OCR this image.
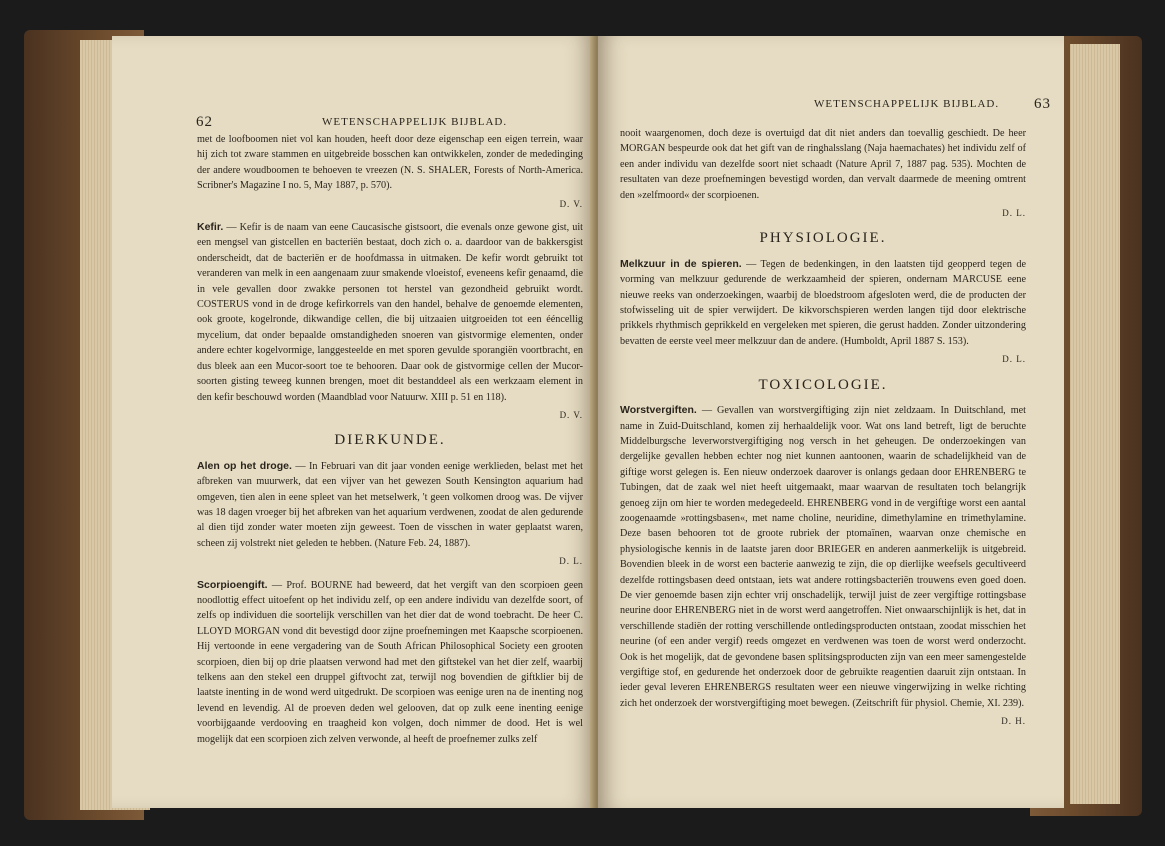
62	WETENSCHAPPELIJK BIJBLAD.

met de loofboomen niet vol kan houden, heeft door deze eigenschap een eigen terrein, waar hij zich tot zware stammen en uitgebreide bosschen kan ontwikkelen, zonder de mededinging der andere woudboomen te behoeven te vreezen (N. S. SHALER, Forests of North-America. Scribner's Magazine I no. 5, May 1887, p. 570).

D. V.

Kefir. — Kefir is de naam van eene Caucasische gistsoort, die evenals onze gewone gist, uit een mengsel van gistcellen en bacteriën bestaat, doch zich o. a. daardoor van de bakkersgist onderscheidt, dat de bacteriën er de hoofdmassa in uitmaken. De kefir wordt gebruikt tot veranderen van melk in een aangenaam zuur smakende vloeistof, eveneens kefir genaamd, die in vele gevallen door zwakke personen tot herstel van gezondheid gebruikt wordt. COSTERUS vond in de droge kefirkorrels van den handel, behalve de genoemde elementen, ook groote, kogelronde, dikwandige cellen, die bij uitzaaien uitgroeiden tot een ééncellig mycelium, dat onder bepaalde omstandigheden snoeren van gistvormige elementen, onder andere echter kogelvormige, langgesteelde en met sporen gevulde sporangiën voortbracht, en dus bleek aan een Mucor-soort toe te behooren. Daar ook de gistvormige cellen der Mucor-soorten gisting teweeg kunnen brengen, moet dit bestanddeel als een werkzaam element in den kefir beschouwd worden (Maandblad voor Natuurw. XIII p. 51 en 118).

D. V.
DIERKUNDE.

Alen op het droge. — In Februari van dit jaar vonden eenige werklieden, belast met het afbreken van muurwerk, dat een vijver van het gewezen South Kensington aquarium had omgeven, tien alen in eene spleet van het metselwerk, 't geen volkomen droog was. De vijver was 18 dagen vroeger bij het afbreken van het aquarium verdwenen, zoodat de alen gedurende al dien tijd zonder water moeten zijn geweest. Toen de visschen in water geplaatst waren, scheen zij volstrekt niet geleden te hebben. (Nature Feb. 24, 1887).

D. L.

Scorpioengift. — Prof. BOURNE had beweerd, dat het vergift van den scorpioen geen noodlottig effect uitoefent op het individu zelf, op een andere individu van dezelfde soort, of zelfs op individuen die soortelijk verschillen van het dier dat de wond toebracht. De heer C. LLOYD MORGAN vond dit bevestigd door zijne proefnemingen met Kaapsche scorpioenen. Hij vertoonde in eene vergadering van de South African Philosophical Society een grooten scorpioen, dien bij op drie plaatsen verwond had met den giftstekel van het dier zelf, waarbij telkens aan den stekel een druppel giftvocht zat, terwijl nog bovendien de giftklier bij de laatste inenting in de wond werd uitgedrukt. De scorpioen was eenige uren na de inenting nog levend en levendig. Al de proeven deden wel gelooven, dat op zulk eene inenting eenige voorbijgaande verdooving en traagheid kon volgen, doch nimmer de dood. Het is wel mogelijk dat een scorpioen zich zelven verwonde, al heeft de proefnemer zulks zelf

WETENSCHAPPELIJK BIJBLAD. 63

nooit waargenomen, doch deze is overtuigd dat dit niet anders dan toevallig geschiedt. De heer MORGAN bespeurde ook dat het gift van de ringhalsslang (Naja haemachates) het individu zelf of een ander individu van dezelfde soort niet schaadt (Nature April 7, 1887 pag. 535). Mochten de resultaten van deze proefnemingen bevestigd worden, dan vervalt daarmede de meening omtrent den »zelfmoord« der scorpioenen.

D. L.
PHYSIOLOGIE.

Melkzuur in de spieren. — Tegen de bedenkingen, in den laatsten tijd geopperd tegen de vorming van melkzuur gedurende de werkzaamheid der spieren, ondernam MARCUSE eene nieuwe reeks van onderzoekingen, waarbij de bloedstroom afgesloten werd, die de producten der stofwisseling uit de spier verwijdert. De kikvorschspieren werden langen tijd door elektrische prikkels rhythmisch geprikkeld en vergeleken met spieren, die gerust hadden. Zonder uitzondering bevatten de eerste veel meer melkzuur dan de andere. (Humboldt, April 1887 S. 153).

D. L.
TOXICOLOGIE.

Worstvergiften. — Gevallen van worstvergiftiging zijn niet zeldzaam. In Duitschland, met name in Zuid-Duitschland, komen zij herhaaldelijk voor. Wat ons land betreft, ligt de beruchte Middelburgsche leverworstvergiftiging nog versch in het geheugen. De onderzoekingen van dergelijke gevallen hebben echter nog niet kunnen aantoonen, waarin de schadelijkheid van de giftige worst gelegen is. Een nieuw onderzoek daarover is onlangs gedaan door EHRENBERG te Tubingen, dat de zaak wel niet heeft uitgemaakt, maar waarvan de resultaten toch belangrijk genoeg zijn om hier te worden medegedeeld. EHRENBERG vond in de vergiftige worst een aantal zoogenaamde »rottingsbasen«, met name choline, neuridine, dimethylamine en trimethylamine. Deze basen behooren tot de groote rubriek der ptomaïnen, waarvan onze chemische en physiologische kennis in de laatste jaren door BRIEGER en anderen aanmerkelijk is uitgebreid. Bovendien bleek in de worst een bacterie aanwezig te zijn, die op dierlijke weefsels gecultiveerd dezelfde rottingsbasen deed ontstaan, iets wat andere rottingsbacteriën trouwens even goed doen. De vier genoemde basen zijn echter vrij onschadelijk, terwijl juist de zeer vergiftige rottingsbase neurine door EHRENBERG niet in de worst werd aangetroffen. Niet onwaarschijnlijk is het, dat in verschillende stadiën der rotting verschillende ontledingsproducten ontstaan, zoodat misschien het neurine (of een ander vergif) reeds omgezet en verdwenen was toen de worst werd onderzocht. Ook is het mogelijk, dat de gevondene basen splitsingsproducten zijn van een meer samengestelde vergiftige stof, en gedurende het onderzoek door de gebruikte reagentien daaruit zijn ontstaan. In ieder geval leveren EHRENBERGS resultaten weer een nieuwe vingerwijzing in welke richting zich het onderzoek der worstvergiftiging moet bewegen. (Zeitschrift für physiol. Chemie, XI. 239).

D. H.
